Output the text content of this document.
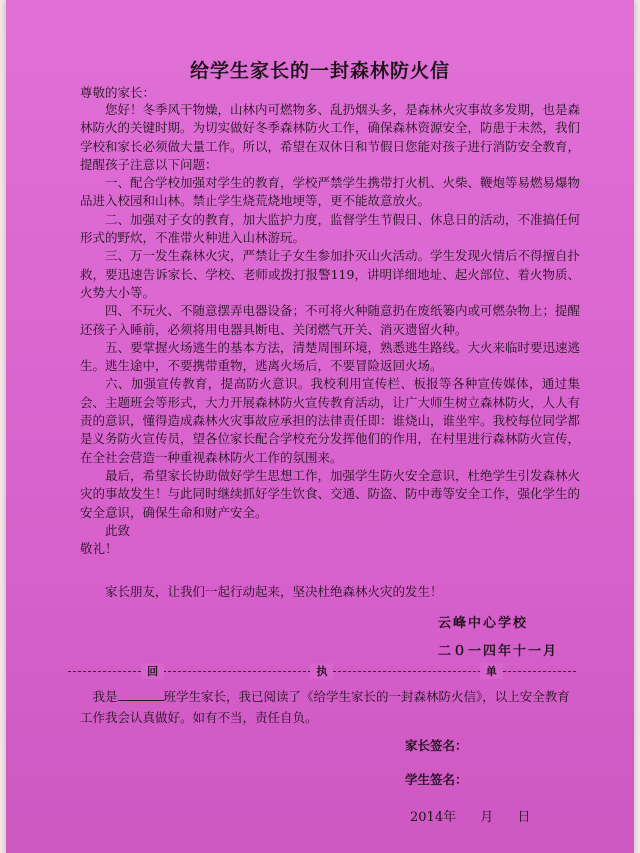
给学生家长的一封森林防火信
尊敬的家长：

您好！冬季风干物燥，山林内可燃物多、乱扔烟头多，是森林火灾事故多发期，也是森林防火的关键时期。为切实做好冬季森林防火工作，确保森林资源安全，防患于未然，我们学校和家长必须做大量工作。所以，希望在双休日和节假日您能对孩子进行消防安全教育，提醒孩子注意以下问题：

一、配合学校加强对学生的教育，学校严禁学生携带打火机、火柴、鞭炮等易燃易爆物品进入校园和山林。禁止学生烧荒烧地埂等，更不能故意放火。

二、加强对子女的教育，加大监护力度，监督学生节假日、休息日的活动，不准搞任何形式的野炊，不准带火种进入山林游玩。

三、万一发生森林火灾，严禁让子女生参加扑灭山火活动。学生发现火情后不得擅自扑救，要迅速告诉家长、学校、老师或拨打报警119，讲明详细地址、起火部位、着火物质、火势大小等。

四、不玩火、不随意摆弄电器设备；不可将火种随意扔在废纸篓内或可燃杂物上；提醒还孩子入睡前，必须将用电器具断电、关闭燃气开关、消灭遗留火种。

五、要掌握火场逃生的基本方法，清楚周围环境，熟悉逃生路线。大火来临时要迅速逃生。逃生途中，不要携带重物，逃离火场后，不要冒险返回火场。

六、加强宣传教育，提高防火意识。我校利用宣传栏、板报等各种宣传媒体，通过集会、主题班会等形式，大力开展森林防火宣传教育活动，让广大师生树立森林防火，人人有责的意识，懂得造成森林火灾事故应承担的法律责任即：谁烧山，谁坐牢。我校每位同学都是义务防火宣传员，望各位家长配合学校充分发挥他们的作用，在村里进行森林防火宣传，在全社会营造一种重视森林防火工作的氛围来。

最后，希望家长协助做好学生思想工作，加强学生防火安全意识，杜绝学生引发森林火灾的事故发生！与此同时继续抓好学生饮食、交通、防盗、防中毒等安全工作，强化学生的安全意识，确保生命和财产安全。

此致

敬礼！

家长朋友，让我们一起行动起来，坚决杜绝森林火灾的发生！
云峰中心学校
二０一四年十一月
回	执	单

我是	班学生家长，我已阅读了《给学生家长的一封森林防火信》，以上安全教育工作我会认真做好。如有不当，责任自负。

家长签名：
学生签名：
2014年 月 日
